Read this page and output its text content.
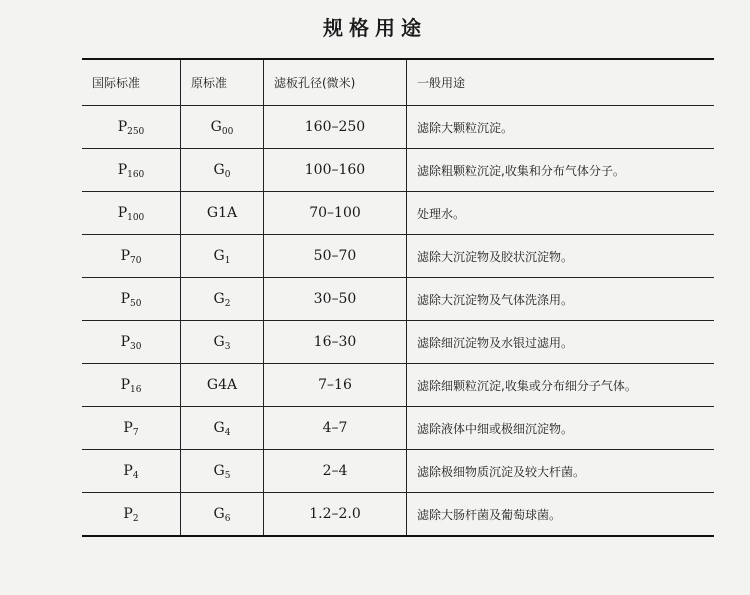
规格用途
国际标准	原标准	滤板孔径(微米)	一般用途
$P_{250}$	$G_{00}$	160–250	滤除大颗粒沉淀。
$P_{160}$	$G_0$	100–160	滤除粗颗粒沉淀,收集和分布气体分子。
$P_{100}$	G1A	70–100	处理水。
$P_{70}$	$G_1$	50–70	滤除大沉淀物及胶状沉淀物。
$P_{50}$	$G_2$	30–50	滤除大沉淀物及气体洗涤用。
$P_{30}$	$G_3$	16–30	滤除细沉淀物及水银过滤用。
$P_{16}$	G4A	7–16	滤除细颗粒沉淀,收集或分布细分子气体。
$P_7$	$G_4$	4–7	滤除液体中细或极细沉淀物。
$P_4$	$G_5$	2–4	滤除极细物质沉淀及较大杆菌。
$P_2$	$G_6$	1.2–2.0	滤除大肠杆菌及葡萄球菌。
